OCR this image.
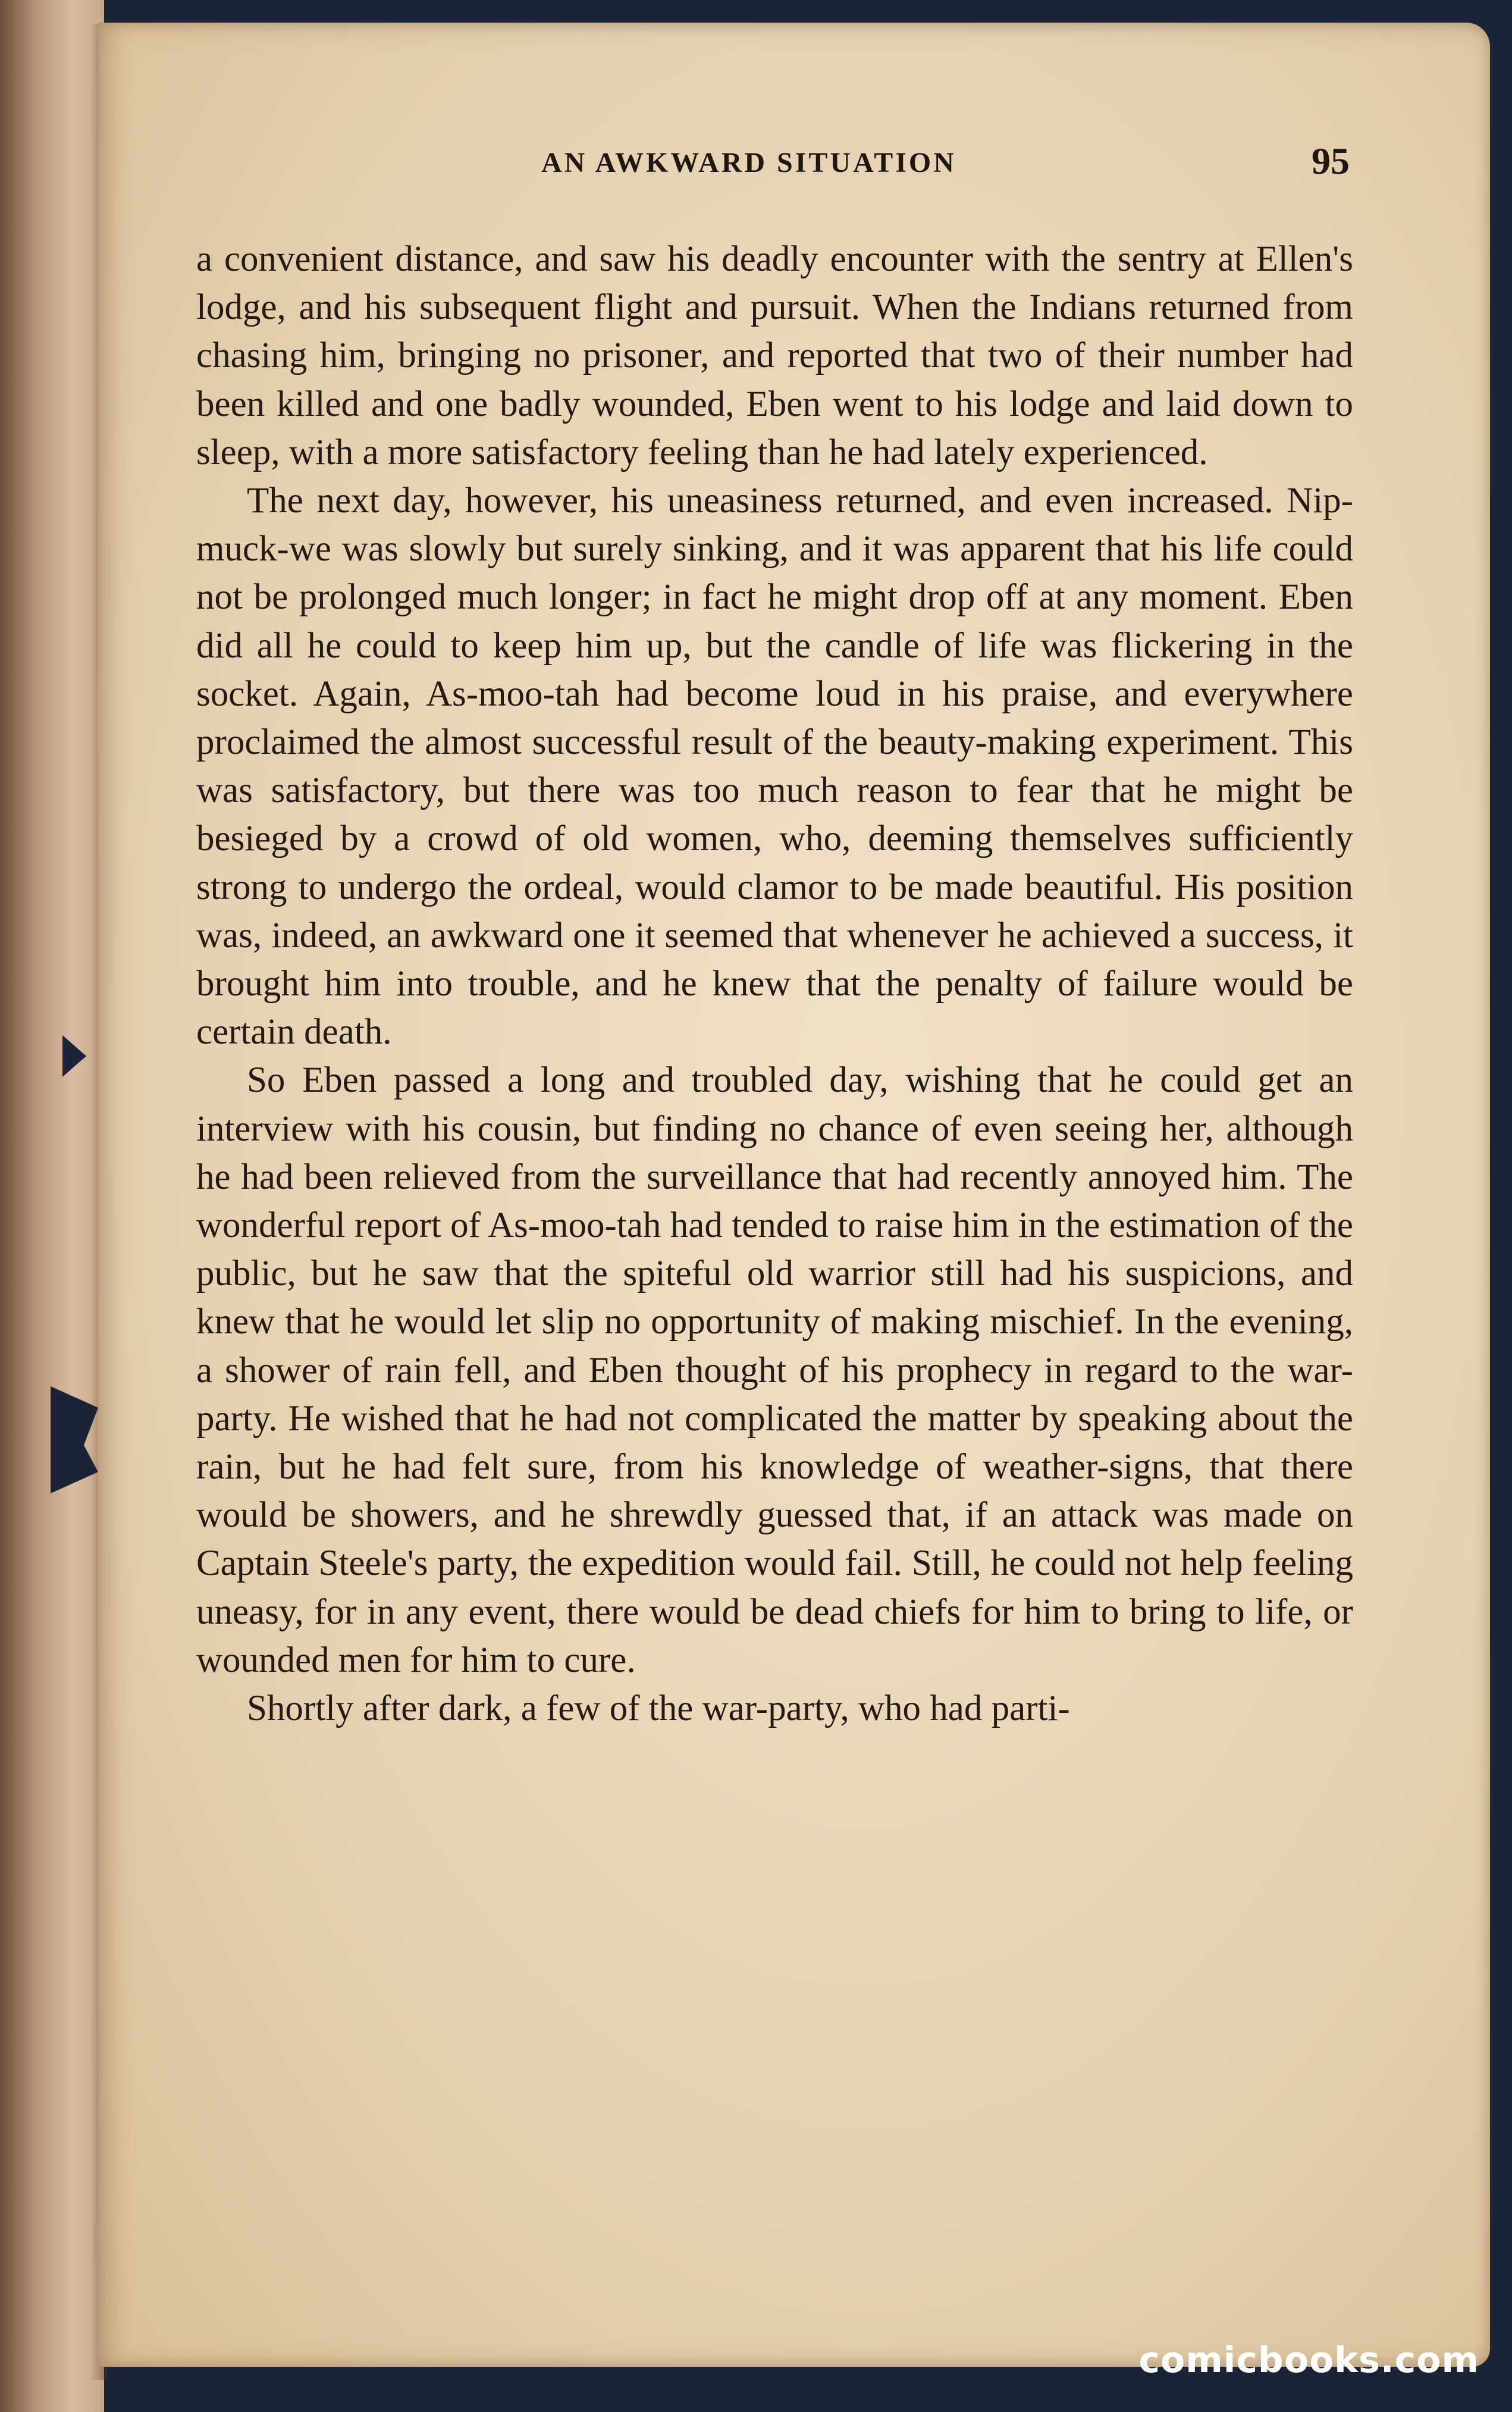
AN AWKWARD SITUATION	95

a convenient distance, and saw his deadly encounter with the sentry at Ellen's lodge, and his subsequent flight and pursuit. When the Indians returned from chasing him, bringing no prisoner, and reported that two of their number had been killed and one badly wounded, Eben went to his lodge and laid down to sleep, with a more satisfactory feeling than he had lately experienced.

The next day, however, his uneasiness returned, and even increased. Nip-muck-we was slowly but surely sinking, and it was apparent that his life could not be prolonged much longer; in fact he might drop off at any moment. Eben did all he could to keep him up, but the candle of life was flickering in the socket. Again, As-moo-tah had become loud in his praise, and everywhere proclaimed the almost successful result of the beauty-making experiment. This was satisfactory, but there was too much reason to fear that he might be besieged by a crowd of old women, who, deeming themselves sufficiently strong to undergo the ordeal, would clamor to be made beautiful. His position was, indeed, an awkward one it seemed that whenever he achieved a success, it brought him into trouble, and he knew that the penalty of failure would be certain death.

So Eben passed a long and troubled day, wishing that he could get an interview with his cousin, but finding no chance of even seeing her, although he had been relieved from the surveillance that had recently annoyed him. The wonderful report of As-moo-tah had tended to raise him in the estimation of the public, but he saw that the spiteful old warrior still had his suspicions, and knew that he would let slip no opportunity of making mischief. In the evening, a shower of rain fell, and Eben thought of his prophecy in regard to the war-party. He wished that he had not complicated the matter by speaking about the rain, but he had felt sure, from his knowledge of weather-signs, that there would be showers, and he shrewdly guessed that, if an attack was made on Captain Steele's party, the expedition would fail. Still, he could not help feeling uneasy, for in any event, there would be dead chiefs for him to bring to life, or wounded men for him to cure.

Shortly after dark, a few of the war-party, who had parti-

comicbooks.com
